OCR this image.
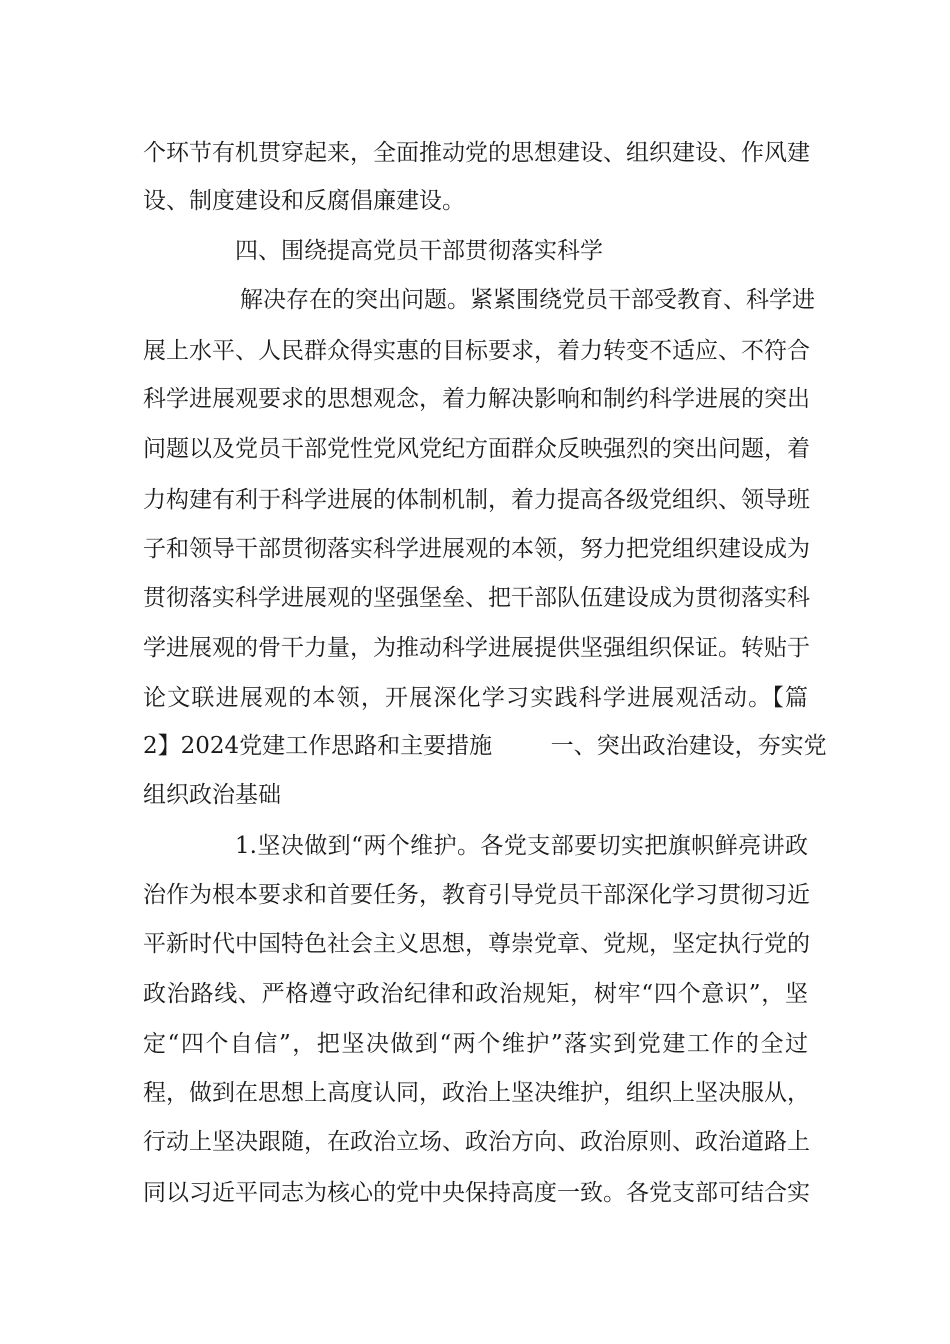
个环节有机贯穿起来，全面推动党的思想建设、组织建设、作风建
设、制度建设和反腐倡廉建设。
四、围绕提高党员干部贯彻落实科学
解决存在的突出问题。紧紧围绕党员干部受教育、科学进
展上水平、人民群众得实惠的目标要求，着力转变不适应、不符合
科学进展观要求的思想观念，着力解决影响和制约科学进展的突出
问题以及党员干部党性党风党纪方面群众反映强烈的突出问题，着
力构建有利于科学进展的体制机制，着力提高各级党组织、领导班
子和领导干部贯彻落实科学进展观的本领，努力把党组织建设成为
贯彻落实科学进展观的坚强堡垒、把干部队伍建设成为贯彻落实科
学进展观的骨干力量，为推动科学进展提供坚强组织保证。转贴于
论文联进展观的本领，开展深化学习实践科学进展观活动。【篇
2】2024党建工作思路和主要措施        一、突出政治建设，夯实党
组织政治基础
1.坚决做到“两个维护。各党支部要切实把旗帜鲜亮讲政
治作为根本要求和首要任务，教育引导党员干部深化学习贯彻习近
平新时代中国特色社会主义思想，尊崇党章、党规，坚定执行党的
政治路线、严格遵守政治纪律和政治规矩，树牢“四个意识”，坚
定“四个自信”，把坚决做到“两个维护”落实到党建工作的全过
程，做到在思想上高度认同，政治上坚决维护，组织上坚决服从，
行动上坚决跟随，在政治立场、政治方向、政治原则、政治道路上
同以习近平同志为核心的党中央保持高度一致。各党支部可结合实
